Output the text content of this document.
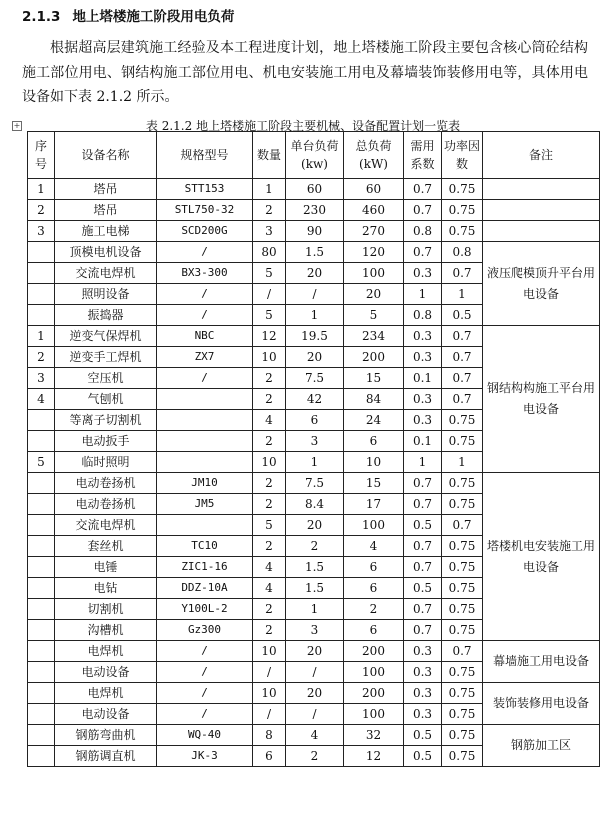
2.1.3 地上塔楼施工阶段用电负荷
根据超高层建筑施工经验及本工程进度计划，地上塔楼施工阶段主要包含核心筒砼结构施工部位用电、钢结构施工部位用电、机电安装施工用电及幕墙装饰装修用电等，具体用电设备如下表 2.1.2 所示。
+	表 2.1.2 地上塔楼施工阶段主要机械、设备配置计划一览表
序号	设备名称	规格型号	数量	单台负荷(kw)	总负荷(kW)	需用系数	功率因数	备注
1	塔吊	STT153	1	60	60	0.7	0.75	
2	塔吊	STL750-32	2	230	460	0.7	0.75	
3	施工电梯	SCD200G	3	90	270	0.8	0.75	
	顶模电机设备	/	80	1.5	120	0.7	0.8	液压爬模顶升平台用电设备
	交流电焊机	BX3-300	5	20	100	0.3	0.7	
	照明设备	/	/	/	20	1	1	
	振捣器	/	5	1	5	0.8	0.5	
1	逆变气保焊机	NBC	12	19.5	234	0.3	0.7	钢结构构施工平台用电设备
2	逆变手工焊机	ZX7	10	20	200	0.3	0.7	
3	空压机	/	2	7.5	15	0.1	0.7	
4	气刨机		2	42	84	0.3	0.7	
	等离子切割机		4	6	24	0.3	0.75	
	电动扳手		2	3	6	0.1	0.75	
5	临时照明		10	1	10	1	1	
	电动卷扬机	JM10	2	7.5	15	0.7	0.75	塔楼机电安装施工用电设备
	电动卷扬机	JM5	2	8.4	17	0.7	0.75	
	交流电焊机		5	20	100	0.5	0.7	
	套丝机	TC10	2	2	4	0.7	0.75	
	电锤	ZIC1-16	4	1.5	6	0.7	0.75	
	电钻	DDZ-10A	4	1.5	6	0.5	0.75	
	切割机	Y100L-2	2	1	2	0.7	0.75	
	沟槽机	Gz300	2	3	6	0.7	0.75	
	电焊机	/	10	20	200	0.3	0.7	幕墙施工用电设备
	电动设备	/	/	/	100	0.3	0.75	
	电焊机	/	10	20	200	0.3	0.75	装饰装修用电设备
	电动设备	/	/	/	100	0.3	0.75	
	钢筋弯曲机	WQ-40	8	4	32	0.5	0.75	钢筋加工区
	钢筋调直机	JK-3	6	2	12	0.5	0.75	
